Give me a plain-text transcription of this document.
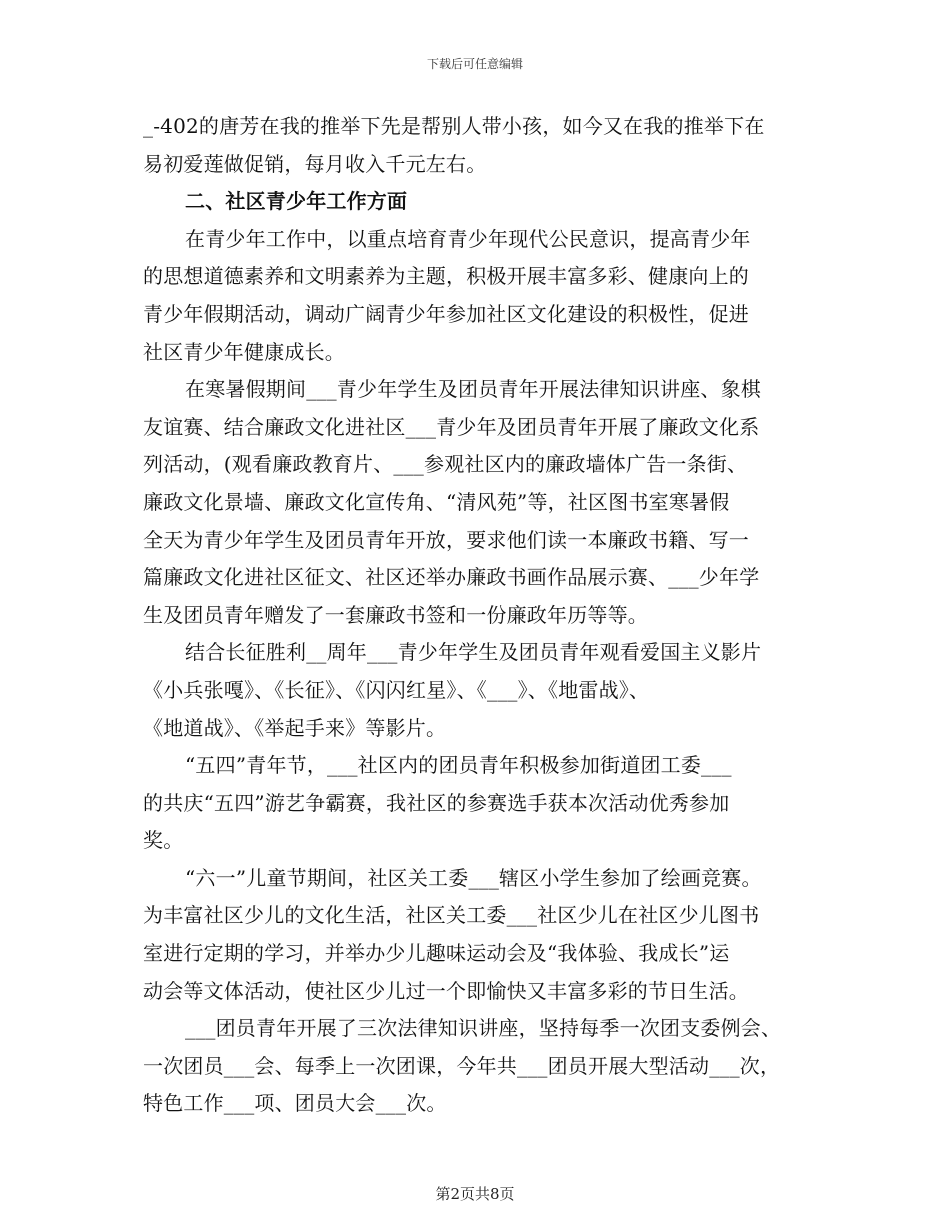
下载后可任意编辑
_-402的唐芳在我的推举下先是帮别人带小孩，如今又在我的推举下在
易初爱莲做促销，每月收入千元左右。
二、社区青少年工作方面
在青少年工作中，以重点培育青少年现代公民意识，提高青少年
的思想道德素养和文明素养为主题，积极开展丰富多彩、健康向上的
青少年假期活动，调动广阔青少年参加社区文化建设的积极性，促进
社区青少年健康成长。
在寒暑假期间___青少年学生及团员青年开展法律知识讲座、象棋
友谊赛、结合廉政文化进社区___青少年及团员青年开展了廉政文化系
列活动，(观看廉政教育片、___参观社区内的廉政墙体广告一条街、
廉政文化景墙、廉政文化宣传角、“清风苑”等，社区图书室寒暑假
全天为青少年学生及团员青年开放，要求他们读一本廉政书籍、写一
篇廉政文化进社区征文、社区还举办廉政书画作品展示赛、___少年学
生及团员青年赠发了一套廉政书签和一份廉政年历等等。
结合长征胜利__周年___青少年学生及团员青年观看爱国主义影片
《小兵张嘎》、《长征》、《闪闪红星》、《___》、《地雷战》、
《地道战》、《举起手来》等影片。
“五四”青年节，___社区内的团员青年积极参加街道团工委___
的共庆“五四”游艺争霸赛，我社区的参赛选手获本次活动优秀参加
奖。
“六一”儿童节期间，社区关工委___辖区小学生参加了绘画竞赛。
为丰富社区少儿的文化生活，社区关工委___社区少儿在社区少儿图书
室进行定期的学习，并举办少儿趣味运动会及“我体验、我成长”运
动会等文体活动，使社区少儿过一个即愉快又丰富多彩的节日生活。
___团员青年开展了三次法律知识讲座，坚持每季一次团支委例会、
一次团员___会、每季上一次团课，今年共___团员开展大型活动___次，
特色工作___项、团员大会___次。
第2页共8页
